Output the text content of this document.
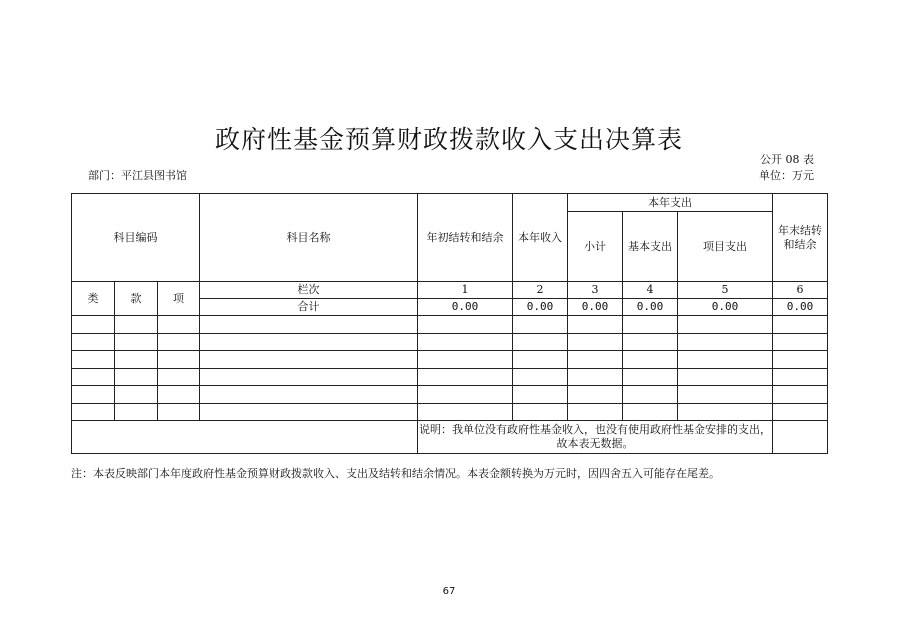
政府性基金预算财政拨款收入支出决算表
公开 08 表
部门：平江县图书馆	单位：万元
科目编码			科目名称	年初结转和结余	本年收入	本年支出			年末结转和结余
						小计	基本支出	项目支出	
类	款	项	栏次	1	2	3	4	5	6
			合计	0.00	0.00	0.00	0.00	0.00	0.00

				说明：我单位没有政府性基金收入，也没有使用政府性基金安排的支出，
故本表无数据。					

注：本表反映部门本年度政府性基金预算财政拨款收入、支出及结转和结余情况。本表金额转换为万元时，因四舍五入可能存在尾差。
67
